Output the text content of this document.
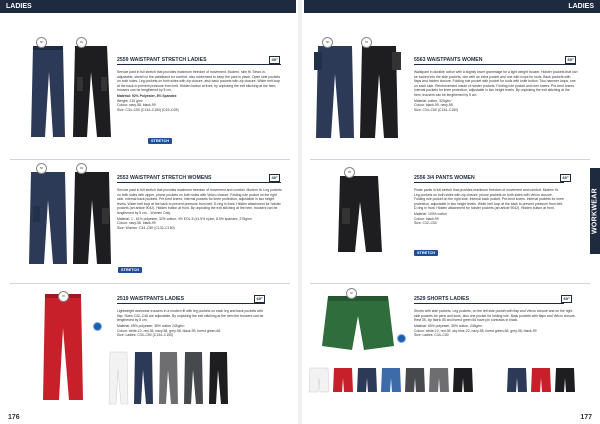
LADIES	LADIES
58	99
2559 WAISTPANT STRETCH LADIES	40°

Service pant in full stretch that provides maximum freedom of movement. Modern, slim fit. Sewn-in, adjustable, stretch in the waistband for comfort, also rubberized to keep the pant in place. Open side pockets on both sides. Leg pockets on both sides with zip closure, also back pockets with zip closure. Wider belt loop at the back to prevent pressure from belt. Hidden button at front, by unpicking the exit stitching at the hem, trousers can be lengthened by 5 cm.

Material: 92% Polyester, 8% Spandex
Weight: 215 g/m²
Colour: navy-58, black-99
Size: C34–C50 (C134–C150) (D19–D25)
STRETCH
58	99
2553 WAISTPANT STRETCH WOMENS	40°

Service pant in full stretch that provides maximum freedom of movement and comfort. Modern fit. Leg pockets on both sides with zipper, phone pockets on both sides with Velcro closure. Folding rule pocket on the right side. Internal back pockets. Pre-bent knees. Internal pockets for knee protection, adjustable in two height levels. Wider belt loop at the back to prevent pressure from belt. D-ring in front. Hidden attachment for holster pockets (art article 9042). Hidden button at front. By unpicking the exit stitching at the hem, trousers can be lengthened by 5 cm. - Women Only.

Material: 1 - 61% polyester, 32% cotton, 4% EOL-5 (41.5% nylon, 8.5% spandex, 275g/m²
Colour: navy-58, black-99
Size: Women: C34–C50 (C132–C150)
STRETCH
35	2519 WAISTPANTS LADIES	60°

Lightweight workwear trousers in a modern fit with leg pockets on each leg and back pockets with flap. Sizes C42–C48 are adjustable. By unpicking the exit stitching at the hem the trousers can be lengthened by 5 cm.

Material: 65% polyester, 35% cotton 245g/m²
Colour: white-10, red-35, navy-58, grey-98, black-99, forest green-66
Size: Ladies: C34–C50 (C134–C150)
176
58	99
5563 WAISTPANTS WOMEN	60°

Waistpant in durable cotton with a slightly lower grammage for a light weight trouser. Holster pockets that can be tucked into the side pockets, one with an extra pocket and one with loops for tools. Back pockets with flaps and hidden closure. Folding rule pocket with pocket for tools with knife button. Two hammer loops, one on each side. Reinforcement inside of holster pockets. Folding rule pocket and over knees. Pre-bent knees. Internal pockets for knee protection, adjustable in two height levels. By unpicking the exit stitching at the hem, trousers can be lengthened by 5 cm.

Material: cotton, 320g/m²
Colour: black-99, navy-58
Size: C34–C50 (C134–C150)
99
2556 3/4 PANTS WOMEN	60°

Pirate pants in full stretch that provides maximum freedom of movement and comfort. Modern fit. Leg pockets on both sides with zip closure, phone pockets on both sides with Velcro closure. Folding rule pocket on the right side. Internal back pocket. Pre-bent knees. Internal pockets for knee protection, adjustable in two height levels. Wider belt loop at the back to prevent pressure from belt. D-ring in front. Hidden attachment for holster pockets (art article 9042). Hidden button at front.

Material: 100% cotton
Colour: black-99
Size: C32–C50
STRETCH
WORKWEAR
66
2529 SHORTS LADIES	60°

Shorts with side pockets. Leg pockets, on the left side pocket with flap and Velcro closure and on the right side pockets for pens and tools, also one pocket for folding rule. Back pockets with flaps and Velcro closure. Rest 35, zip fabric 55 and forest green 66 have pin contrasts in black.

Material: 65% polyester, 35% cotton, 245g/m²
Colour: white-10, red-35, sky blue-22, navy-58, forest green-66, grey-98, black-99
Size: Ladies: C34–C50
177
